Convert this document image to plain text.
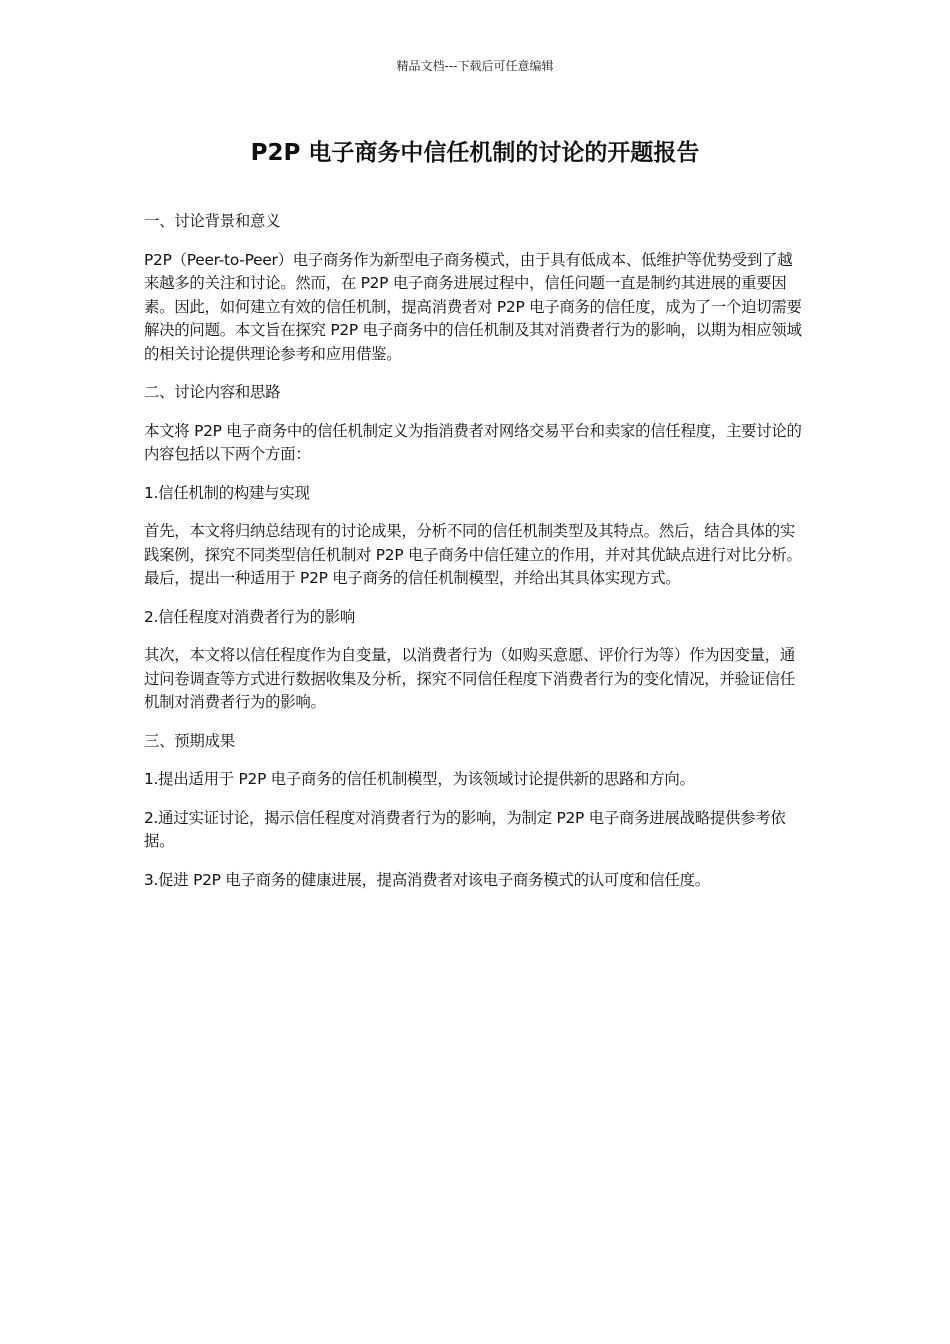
精品文档---下载后可任意编辑
P2P 电子商务中信任机制的讨论的开题报告

一、讨论背景和意义

P2P（Peer-to-Peer）电子商务作为新型电子商务模式，由于具有低成本、低维护等优势受到了越来越多的关注和讨论。然而，在 P2P 电子商务进展过程中，信任问题一直是制约其进展的重要因素。因此，如何建立有效的信任机制，提高消费者对 P2P 电子商务的信任度，成为了一个迫切需要解决的问题。本文旨在探究 P2P 电子商务中的信任机制及其对消费者行为的影响，以期为相应领域的相关讨论提供理论参考和应用借鉴。

二、讨论内容和思路

本文将 P2P 电子商务中的信任机制定义为指消费者对网络交易平台和卖家的信任程度，主要讨论的内容包括以下两个方面：

1.信任机制的构建与实现

首先，本文将归纳总结现有的讨论成果，分析不同的信任机制类型及其特点。然后，结合具体的实践案例，探究不同类型信任机制对 P2P 电子商务中信任建立的作用，并对其优缺点进行对比分析。最后，提出一种适用于 P2P 电子商务的信任机制模型，并给出其具体实现方式。

2.信任程度对消费者行为的影响

其次，本文将以信任程度作为自变量，以消费者行为（如购买意愿、评价行为等）作为因变量，通过问卷调查等方式进行数据收集及分析，探究不同信任程度下消费者行为的变化情况，并验证信任机制对消费者行为的影响。

三、预期成果

1.提出适用于 P2P 电子商务的信任机制模型，为该领域讨论提供新的思路和方向。

2.通过实证讨论，揭示信任程度对消费者行为的影响，为制定 P2P 电子商务进展战略提供参考依据。

3.促进 P2P 电子商务的健康进展，提高消费者对该电子商务模式的认可度和信任度。
